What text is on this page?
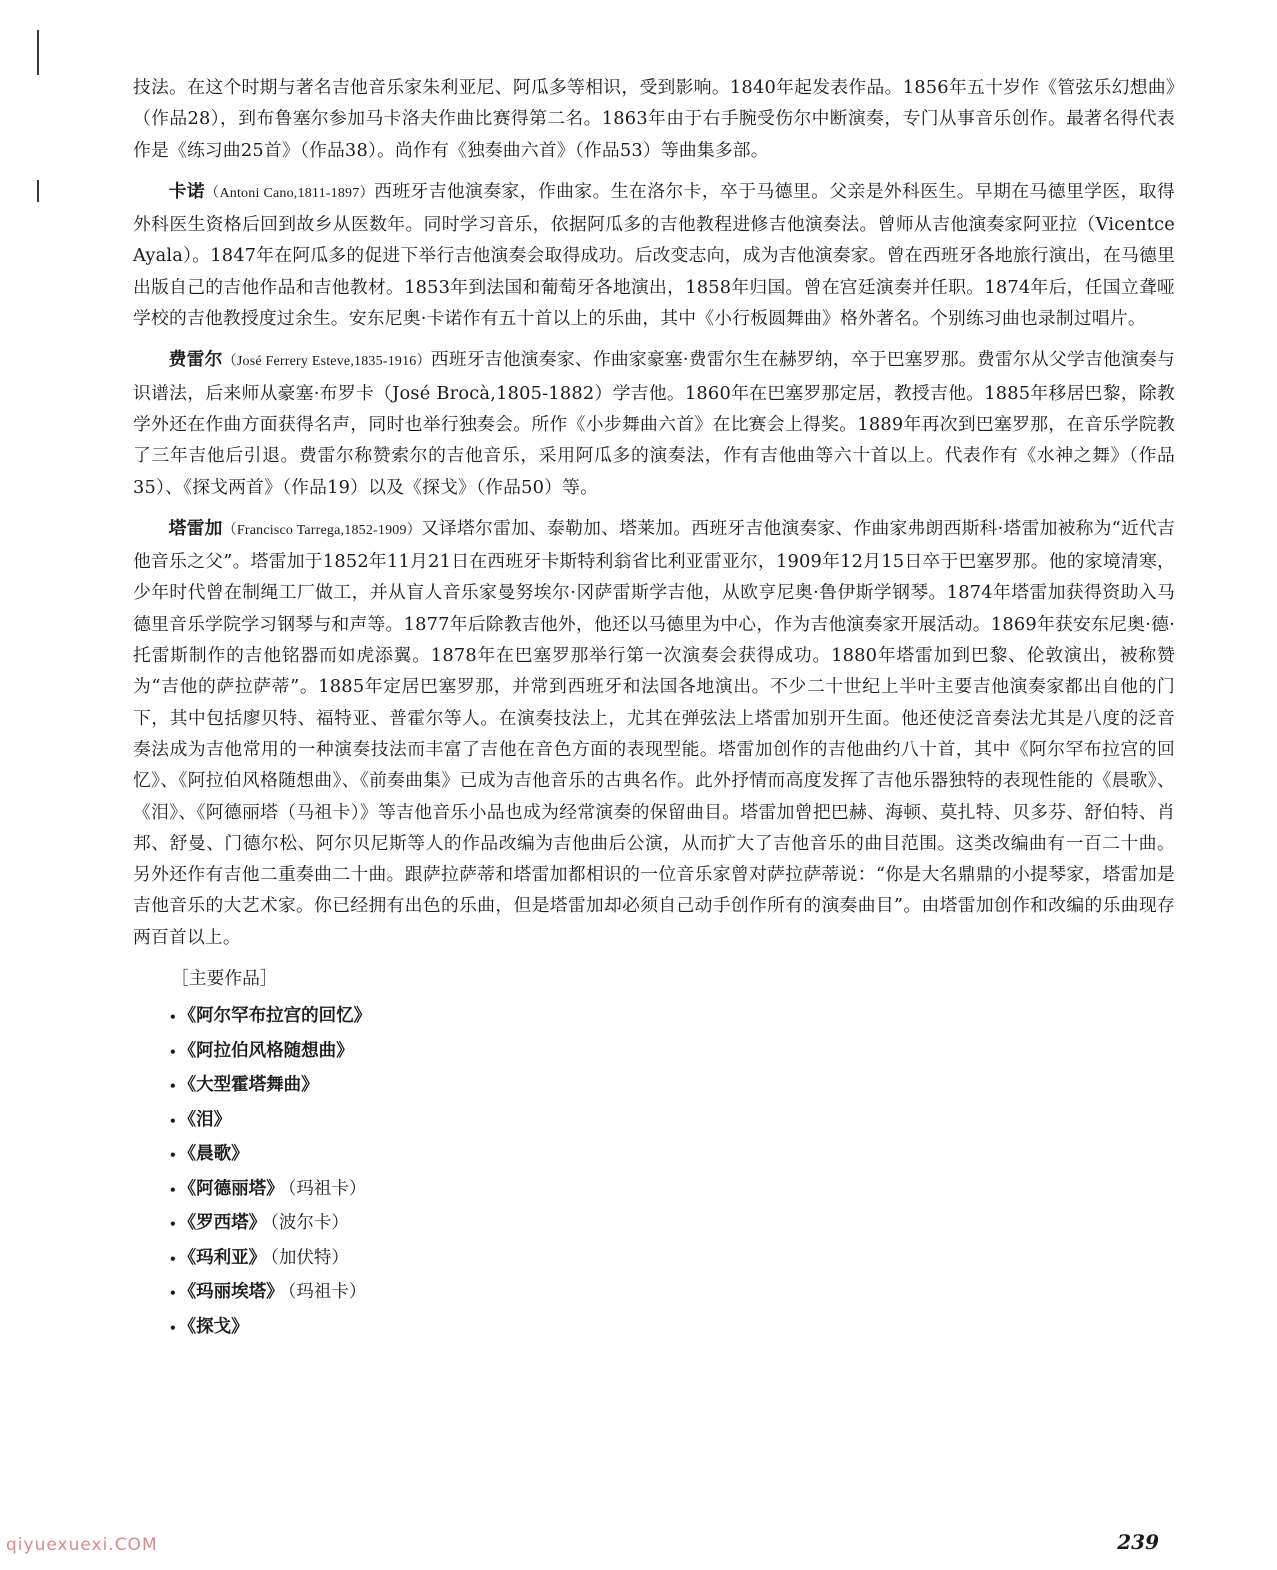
技法。在这个时期与著名吉他音乐家朱利亚尼、阿瓜多等相识，受到影响。1840年起发表作品。1856年五十岁作《管弦乐幻想曲》（作品28），到布鲁塞尔参加马卡洛夫作曲比赛得第二名。1863年由于右手腕受伤尔中断演奏，专门从事音乐创作。最著名得代表作是《练习曲25首》（作品38）。尚作有《独奏曲六首》（作品53）等曲集多部。

卡诺（Antoni Cano,1811-1897）西班牙吉他演奏家，作曲家。生在洛尔卡，卒于马德里。父亲是外科医生。早期在马德里学医，取得外科医生资格后回到故乡从医数年。同时学习音乐，依据阿瓜多的吉他教程进修吉他演奏法。曾师从吉他演奏家阿亚拉（Vicentce Ayala）。1847年在阿瓜多的促进下举行吉他演奏会取得成功。后改变志向，成为吉他演奏家。曾在西班牙各地旅行演出，在马德里出版自己的吉他作品和吉他教材。1853年到法国和葡萄牙各地演出，1858年归国。曾在宫廷演奏并任职。1874年后，任国立聋哑学校的吉他教授度过余生。安东尼奥·卡诺作有五十首以上的乐曲，其中《小行板圆舞曲》格外著名。个别练习曲也录制过唱片。

费雷尔（José Ferrery Esteve,1835-1916）西班牙吉他演奏家、作曲家豪塞·费雷尔生在赫罗纳，卒于巴塞罗那。费雷尔从父学吉他演奏与识谱法，后来师从豪塞·布罗卡（José Brocà,1805-1882）学吉他。1860年在巴塞罗那定居，教授吉他。1885年移居巴黎，除教学外还在作曲方面获得名声，同时也举行独奏会。所作《小步舞曲六首》在比赛会上得奖。1889年再次到巴塞罗那，在音乐学院教了三年吉他后引退。费雷尔称赞索尔的吉他音乐，采用阿瓜多的演奏法，作有吉他曲等六十首以上。代表作有《水神之舞》（作品35）、《探戈两首》（作品19）以及《探戈》（作品50）等。

塔雷加（Francisco Tarrega,1852-1909）又译塔尔雷加、泰勒加、塔莱加。西班牙吉他演奏家、作曲家弗朗西斯科·塔雷加被称为“近代吉他音乐之父”。塔雷加于1852年11月21日在西班牙卡斯特利翁省比利亚雷亚尔，1909年12月15日卒于巴塞罗那。他的家境清寒，少年时代曾在制绳工厂做工，并从盲人音乐家曼努埃尔·冈萨雷斯学吉他，从欧亨尼奥·鲁伊斯学钢琴。1874年塔雷加获得资助入马德里音乐学院学习钢琴与和声等。1877年后除教吉他外，他还以马德里为中心，作为吉他演奏家开展活动。1869年获安东尼奥·德·托雷斯制作的吉他铭器而如虎添翼。1878年在巴塞罗那举行第一次演奏会获得成功。1880年塔雷加到巴黎、伦敦演出，被称赞为“吉他的萨拉萨蒂”。1885年定居巴塞罗那，并常到西班牙和法国各地演出。不少二十世纪上半叶主要吉他演奏家都出自他的门下，其中包括廖贝特、福特亚、普霍尔等人。在演奏技法上，尤其在弹弦法上塔雷加别开生面。他还使泛音奏法尤其是八度的泛音奏法成为吉他常用的一种演奏技法而丰富了吉他在音色方面的表现型能。塔雷加创作的吉他曲约八十首，其中《阿尔罕布拉宫的回忆》、《阿拉伯风格随想曲》、《前奏曲集》已成为吉他音乐的古典名作。此外抒情而高度发挥了吉他乐器独特的表现性能的《晨歌》、《泪》、《阿德丽塔（马祖卡）》等吉他音乐小品也成为经常演奏的保留曲目。塔雷加曾把巴赫、海顿、莫扎特、贝多芬、舒伯特、肖邦、舒曼、门德尔松、阿尔贝尼斯等人的作品改编为吉他曲后公演，从而扩大了吉他音乐的曲目范围。这类改编曲有一百二十曲。另外还作有吉他二重奏曲二十曲。跟萨拉萨蒂和塔雷加都相识的一位音乐家曾对萨拉萨蒂说：“你是大名鼎鼎的小提琴家，塔雷加是吉他音乐的大艺术家。你已经拥有出色的乐曲，但是塔雷加却必须自己动手创作所有的演奏曲目”。由塔雷加创作和改编的乐曲现存两百首以上。

［主要作品］
• 《阿尔罕布拉宫的回忆》
• 《阿拉伯风格随想曲》
• 《大型霍塔舞曲》
• 《泪》
• 《晨歌》
• 《阿德丽塔》 （玛祖卡）
• 《罗西塔》 （波尔卡）
• 《玛利亚》 （加伏特）
• 《玛丽埃塔》 （玛祖卡）
• 《探戈》
239
qiyuexuexi.COM
